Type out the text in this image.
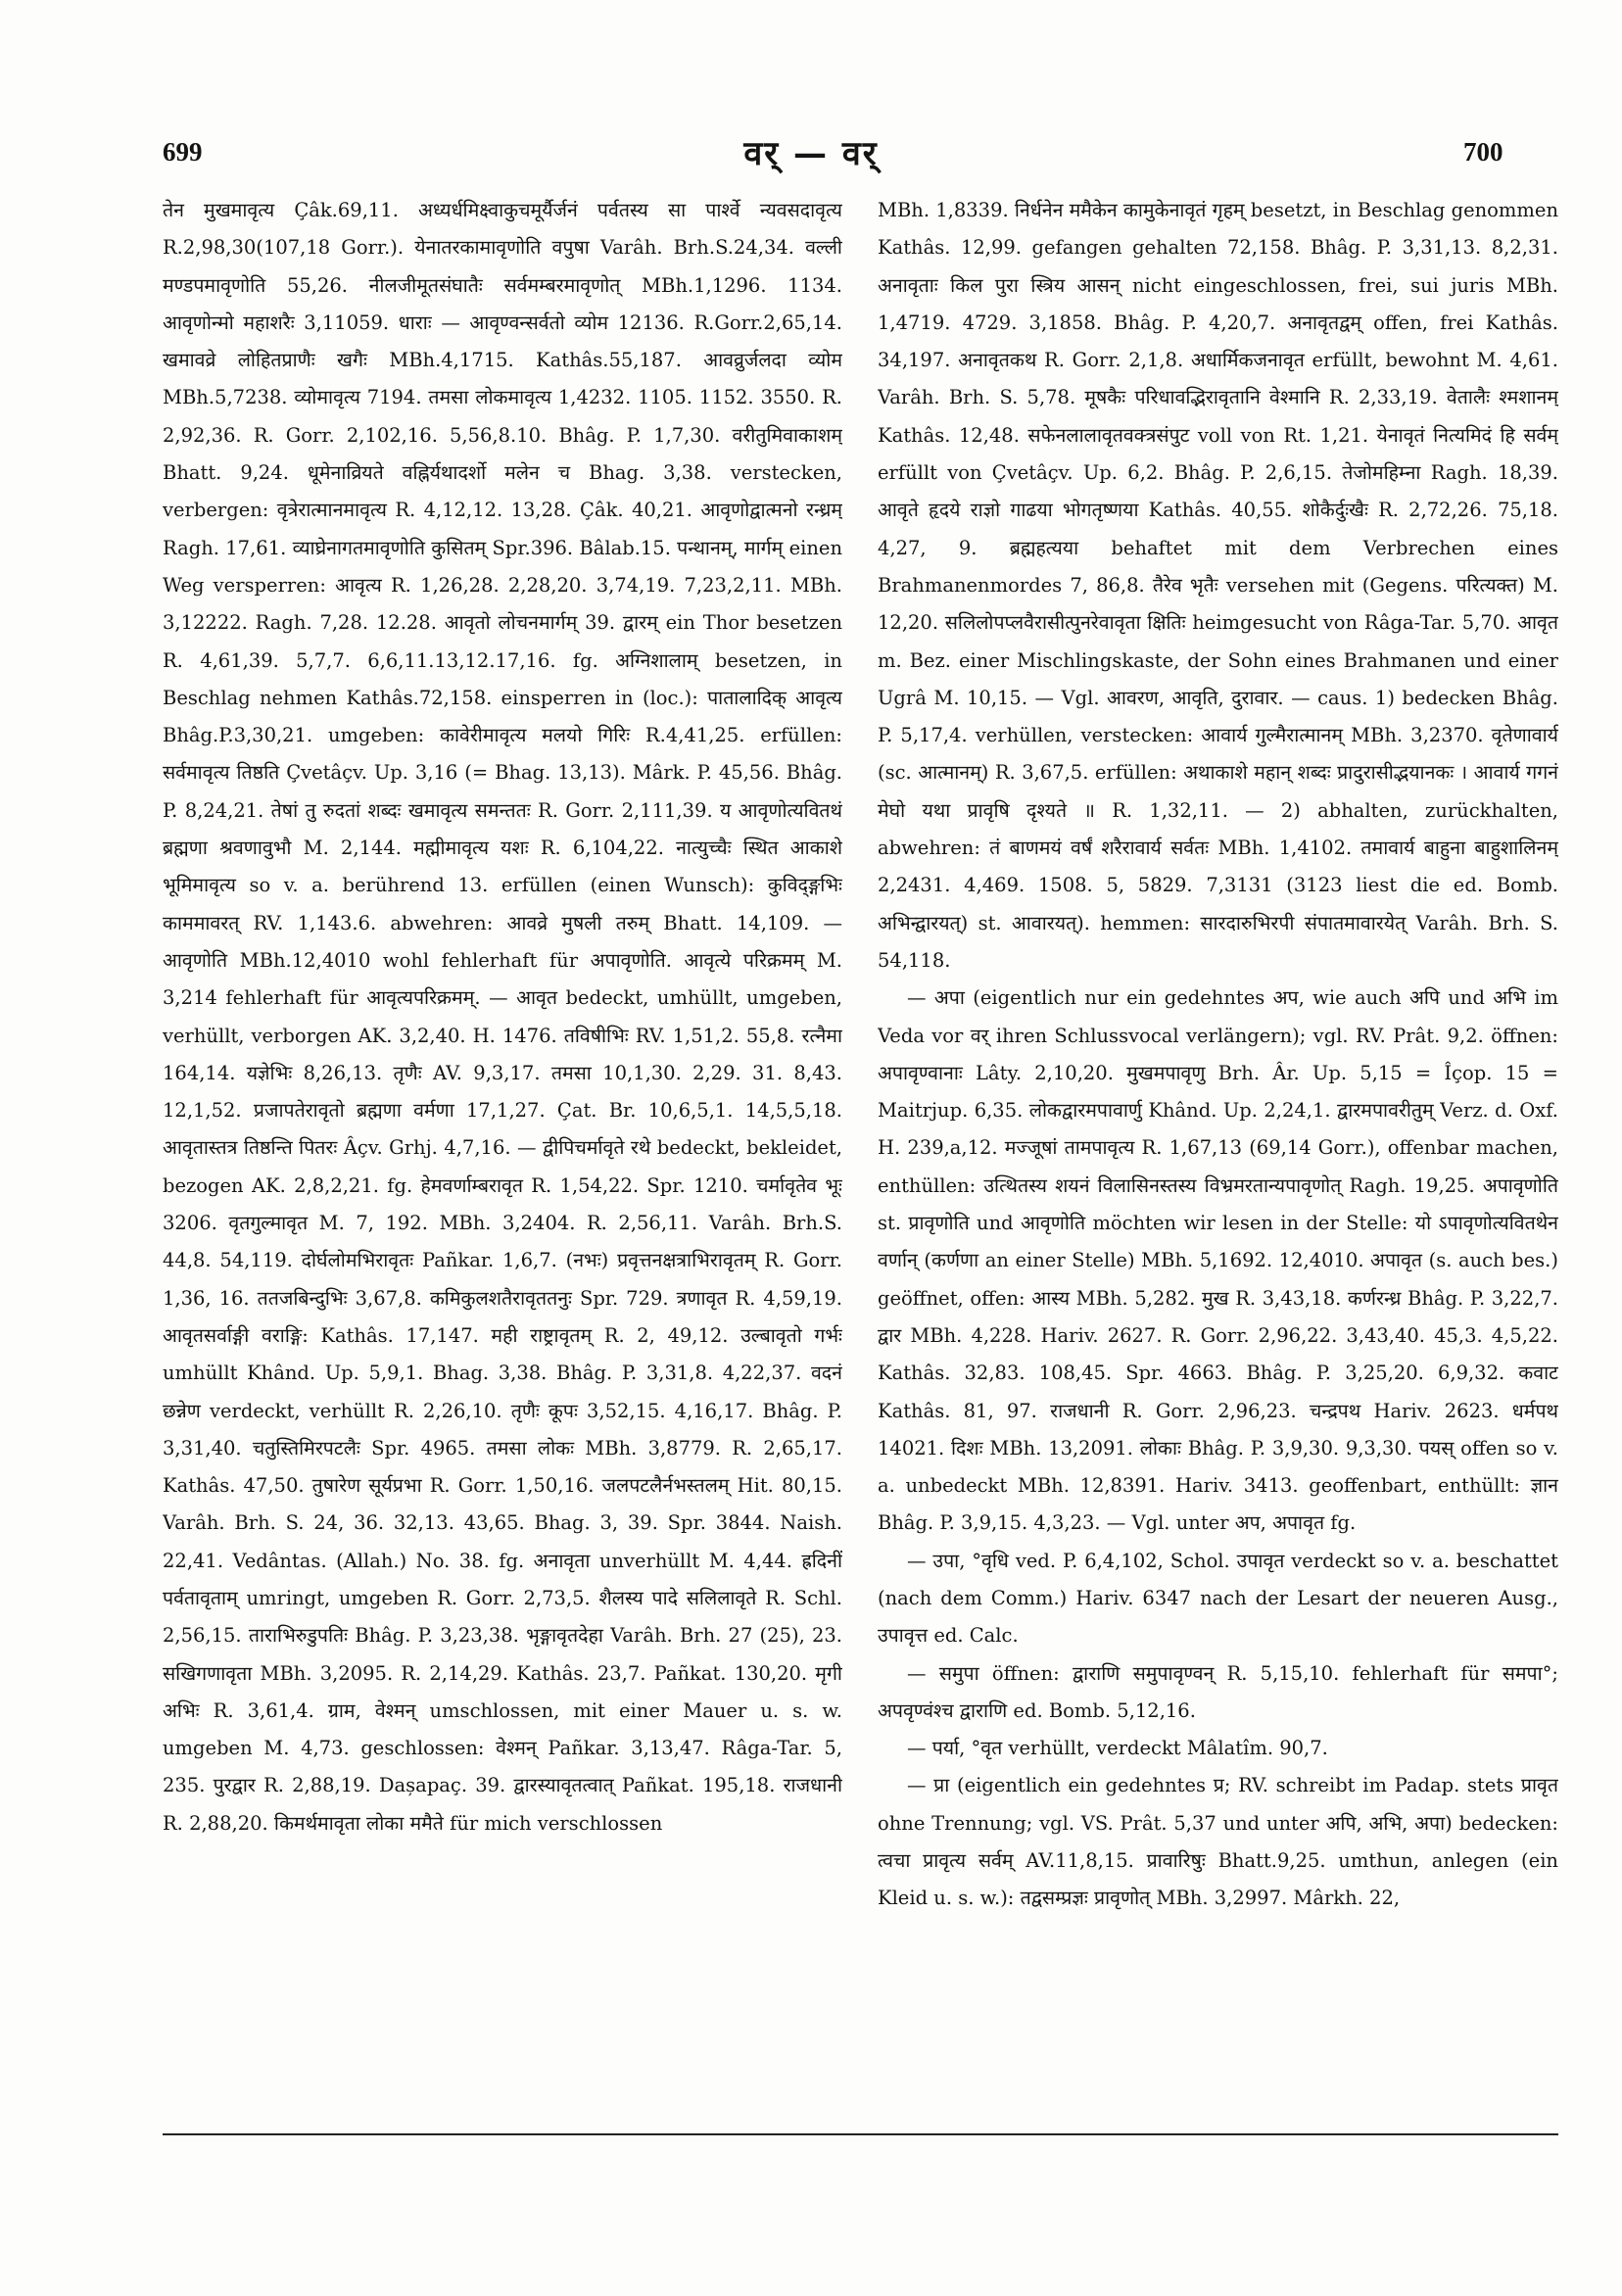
699	वर् — वर्	700

तेन मुखमावृत्य Çâk.69,11. अध्यर्धमिक्ष्वाकुचमूर्यैर्जनं पर्वतस्य सा पार्श्वे न्यवसदावृत्य R.2,98,30(107,18 Gorr.). येनातरकामावृणोति वपुषा Varâh. Brh.S.24,34. वल्ली मण्डपमावृणोति 55,26. नीलजीमूतसंघातैः सर्वमम्बरमावृणोत् MBh.1,1296. 1134. आवृणोन्मो महाशरैः 3,11059. धाराः — आवृण्वन्सर्वतो व्योम 12136. R.Gorr.2,65,14. खमावव्रे लोहितप्राणैः खगैः MBh.4,1715. Kathâs.55,187. आवव्रुर्जलदा व्योम MBh.5,7238. व्योमावृत्य 7194. तमसा लोकमावृत्य 1,4232. 1105. 1152. 3550. R. 2,92,36. R. Gorr. 2,102,16. 5,56,8.10. Bhâg. P. 1,7,30. वरीतुमिवाकाशम् Bhatt. 9,24. धूमेनाव्रियते वह्निर्यथादर्शो मलेन च Bhag. 3,38. verstecken, verbergen: वृत्रेरात्मानमावृत्य R. 4,12,12. 13,28. Çâk. 40,21. आवृणोद्वात्मनो रन्ध्रम् Ragh. 17,61. व्याघ्रेनागतमावृणोति कुसितम् Spr.396. Bâlab.15. पन्थानम्, मार्गम् einen Weg versperren: आवृत्य R. 1,26,28. 2,28,20. 3,74,19. 7,23,2,11. MBh. 3,12222. Ragh. 7,28. 12.28. आवृतो लोचनमार्गम् 39. द्वारम् ein Thor besetzen R. 4,61,39. 5,7,7. 6,6,11.13,12.17,16. fg. अग्निशालाम् besetzen, in Beschlag nehmen Kathâs.72,158. einsperren in (loc.): पातालादिक् आवृत्य Bhâg.P.3,30,21. umgeben: कावेरीमावृत्य मलयो गिरिः R.4,41,25. erfüllen: सर्वमावृत्य तिष्ठति Çvetâçv. Up. 3,16 (= Bhag. 13,13). Mârk. P. 45,56. Bhâg. P. 8,24,21. तेषां तु रुदतां शब्दः खमावृत्य समन्ततः R. Gorr. 2,111,39. य आवृणोत्यवितथं ब्रह्मणा श्रवणावुभौ M. 2,144. मह्मीमावृत्य यशः R. 6,104,22. नात्युच्चैः स्थित आकाशे भूमिमावृत्य so v. a. berührend 13. erfüllen (einen Wunsch): कुविद्ङ्गभिः काममावरत् RV. 1,143.6. abwehren: आवव्रे मुषली तरुम् Bhatt. 14,109. — आवृणोति MBh.12,4010 wohl fehlerhaft für अपावृणोति. आवृत्ये परिक्रमम् M. 3,214 fehlerhaft für आवृत्यपरिक्रमम्. — आवृत bedeckt, umhüllt, umgeben, verhüllt, verborgen AK. 3,2,40. H. 1476. तविषीभिः RV. 1,51,2. 55,8. रत्नैमा 164,14. यज्ञेभिः 8,26,13. तृणैः AV. 9,3,17. तमसा 10,1,30. 2,29. 31. 8,43. 12,1,52. प्रजापतेरावृतो ब्रह्मणा वर्मणा 17,1,27. Çat. Br. 10,6,5,1. 14,5,5,18. आवृतास्तत्र तिष्ठन्ति पितरः Âçv. Grhj. 4,7,16. — द्वीपिचर्मावृते रथे bedeckt, bekleidet, bezogen AK. 2,8,2,21. fg. हेमवर्णाम्बरावृत R. 1,54,22. Spr. 1210. चर्मावृतेव भूः 3206. वृतगुल्मावृत M. 7, 192. MBh. 3,2404. R. 2,56,11. Varâh. Brh.S. 44,8. 54,119. दोर्घलोमभिरावृतः Pañkar. 1,6,7. (नभः) प्रवृत्तनक्षत्राभिरावृतम् R. Gorr. 1,36, 16. ततजबिन्दुभिः 3,67,8. कमिकुलशतैरावृततनुः Spr. 729. त्रणावृत R. 4,59,19. आवृतसर्वाङ्गी वराङ्गि: Kathâs. 17,147. मही राष्ट्रावृतम् R. 2, 49,12. उल्बावृतो गर्भः umhüllt Khând. Up. 5,9,1. Bhag. 3,38. Bhâg. P. 3,31,8. 4,22,37. वदनं छन्नेण verdeckt, verhüllt R. 2,26,10. तृणैः कूपः 3,52,15. 4,16,17. Bhâg. P. 3,31,40. चतुस्तिमिरपटलैः Spr. 4965. तमसा लोकः MBh. 3,8779. R. 2,65,17. Kathâs. 47,50. तुषारेण सूर्यप्रभा R. Gorr. 1,50,16. जलपटलैर्नभस्तलम् Hit. 80,15. Varâh. Brh. S. 24, 36. 32,13. 43,65. Bhag. 3, 39. Spr. 3844. Naish. 22,41. Vedântas. (Allah.) No. 38. fg. अनावृता unverhüllt M. 4,44. ह्रदिनीं पर्वतावृताम् umringt, umgeben R. Gorr. 2,73,5. शैलस्य पादे सलिलावृते R. Schl. 2,56,15. ताराभिरुडुपतिः Bhâg. P. 3,23,38. भृङ्गावृतदेहा Varâh. Brh. 27 (25), 23. सखिगणावृता MBh. 3,2095. R. 2,14,29. Kathâs. 23,7. Pañkat. 130,20. मृगी अभिः R. 3,61,4. ग्राम, वेश्मन् umschlossen, mit einer Mauer u. s. w. umgeben M. 4,73. geschlossen: वेश्मन् Pañkar. 3,13,47. Râga-Tar. 5, 235. पुरद्वार R. 2,88,19. Dașapaç. 39. द्वारस्यावृतत्वात् Pañkat. 195,18. राजधानी R. 2,88,20. किमर्थमावृता लोका ममैते für mich verschlossen

MBh. 1,8339. निर्धनेन ममैकेन कामुकेनावृतं गृहम् besetzt, in Beschlag genommen Kathâs. 12,99. gefangen gehalten 72,158. Bhâg. P. 3,31,13. 8,2,31. अनावृताः किल पुरा स्त्रिय आसन् nicht eingeschlossen, frei, sui juris MBh. 1,4719. 4729. 3,1858. Bhâg. P. 4,20,7. अनावृतद्वम् offen, frei Kathâs. 34,197. अनावृतकथ R. Gorr. 2,1,8. अधार्मिकजनावृत erfüllt, bewohnt M. 4,61. Varâh. Brh. S. 5,78. मूषकैः परिधावद्भिरावृतानि वेश्मानि R. 2,33,19. वेतालैः श्मशानम् Kathâs. 12,48. सफेनलालावृतवक्त्रसंपुट voll von Rt. 1,21. येनावृतं नित्यमिदं हि सर्वम् erfüllt von Çvetâçv. Up. 6,2. Bhâg. P. 2,6,15. तेजोमहिम्ना Ragh. 18,39. आवृते हृदये राज्ञो गाढया भोगतृष्णया Kathâs. 40,55. शोकैर्दुःखैः R. 2,72,26. 75,18. 4,27, 9. ब्रह्महत्यया behaftet mit dem Verbrechen eines Brahmanenmordes 7, 86,8. तैरेव भृतैः versehen mit (Gegens. परित्यक्त) M. 12,20. सलिलोपप्लवैरासीत्पुनरेवावृता क्षितिः heimgesucht von Râga-Tar. 5,70. आवृत m. Bez. einer Mischlingskaste, der Sohn eines Brahmanen und einer Ugrâ M. 10,15. — Vgl. आवरण, आवृति, दुरावार. — caus. 1) bedecken Bhâg. P. 5,17,4. verhüllen, verstecken: आवार्य गुल्मैरात्मानम् MBh. 3,2370. वृतेणावार्य (sc. आत्मानम्) R. 3,67,5. erfüllen: अथाकाशे महान् शब्दः प्रादुरासीद्भयानकः । आवार्य गगनं मेघो यथा प्रावृषि दृश्यते ॥ R. 1,32,11. — 2) abhalten, zurückhalten, abwehren: तं बाणमयं वर्षं शरैरावार्य सर्वतः MBh. 1,4102. तमावार्य बाहुना बाहुशालिनम् 2,2431. 4,469. 1508. 5, 5829. 7,3131 (3123 liest die ed. Bomb. अभिन्द्वारयत्) st. आवारयत्). hemmen: सारदारुभिरपी संपातमावारयेत् Varâh. Brh. S. 54,118.

— अपा (eigentlich nur ein gedehntes अप, wie auch अपि und अभि im Veda vor वर् ihren Schlussvocal verlängern); vgl. RV. Prât. 9,2. öffnen: अपावृण्वानाः Lâty. 2,10,20. मुखमपावृणु Brh. Âr. Up. 5,15 = Îçop. 15 = Maitrjup. 6,35. लोकद्वारमपावार्णु Khând. Up. 2,24,1. द्वारमपावरीतुम् Verz. d. Oxf. H. 239,a,12. मज्जूषां तामपावृत्य R. 1,67,13 (69,14 Gorr.), offenbar machen, enthüllen: उत्थितस्य शयनं विलासिनस्तस्य विभ्रमरतान्यपावृणोत् Ragh. 19,25. अपावृणोति st. प्रावृणोति und आवृणोति möchten wir lesen in der Stelle: यो ऽपावृणोत्यवितथेन वर्णान् (कर्णणा an einer Stelle) MBh. 5,1692. 12,4010. अपावृत (s. auch bes.) geöffnet, offen: आस्य MBh. 5,282. मुख R. 3,43,18. कर्णरन्ध्र Bhâg. P. 3,22,7. द्वार MBh. 4,228. Hariv. 2627. R. Gorr. 2,96,22. 3,43,40. 45,3. 4,5,22. Kathâs. 32,83. 108,45. Spr. 4663. Bhâg. P. 3,25,20. 6,9,32. कवाट Kathâs. 81, 97. राजधानी R. Gorr. 2,96,23. चन्द्रपथ Hariv. 2623. धर्मपथ 14021. दिशः MBh. 13,2091. लोकाः Bhâg. P. 3,9,30. 9,3,30. पयस् offen so v. a. unbedeckt MBh. 12,8391. Hariv. 3413. geoffenbart, enthüllt: ज्ञान Bhâg. P. 3,9,15. 4,3,23. — Vgl. unter अप, अपावृत fg.

— उपा, °वृधि ved. P. 6,4,102, Schol. उपावृत verdeckt so v. a. beschattet (nach dem Comm.) Hariv. 6347 nach der Lesart der neueren Ausg., उपावृत्त ed. Calc.

— समुपा öffnen: द्वाराणि समुपावृण्वन् R. 5,15,10. fehlerhaft für समपा°; अपवृण्वंश्च द्वाराणि ed. Bomb. 5,12,16.

— पर्या, °वृत verhüllt, verdeckt Mâlatîm. 90,7.

— प्रा (eigentlich ein gedehntes प्र; RV. schreibt im Padap. stets प्रावृत ohne Trennung; vgl. VS. Prât. 5,37 und unter अपि, अभि, अपा) bedecken: त्वचा प्रावृत्य सर्वम् AV.11,8,15. प्रावारिषुः Bhatt.9,25. umthun, anlegen (ein Kleid u. s. w.): तद्वसम्प्रज्ञः प्रावृणोत् MBh. 3,2997. Mârkh. 22,
